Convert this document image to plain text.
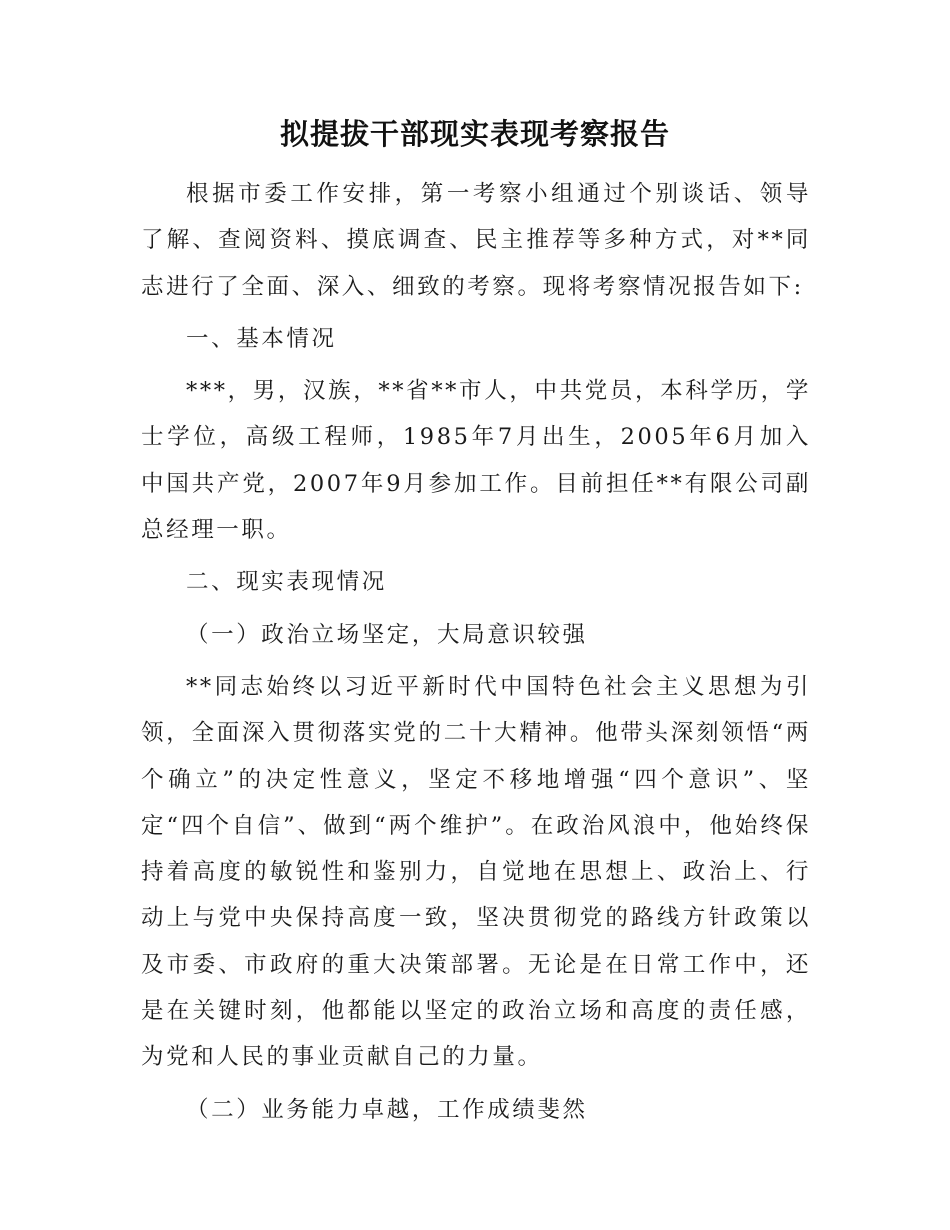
拟提拔干部现实表现考察报告

根据市委工作安排，第一考察小组通过个别谈话、领导了解、查阅资料、摸底调查、民主推荐等多种方式，对**同志进行了全面、深入、细致的考察。现将考察情况报告如下:

一、基本情况

***，男，汉族，**省**市人，中共党员，本科学历，学士学位，高级工程师，1985年7月出生，2005年6月加入中国共产党，2007年9月参加工作。目前担任**有限公司副总经理一职。

二、现实表现情况

（一）政治立场坚定，大局意识较强

**同志始终以习近平新时代中国特色社会主义思想为引领，全面深入贯彻落实党的二十大精神。他带头深刻领悟“两个确立”的决定性意义，坚定不移地增强“四个意识”、坚定“四个自信”、做到“两个维护”。在政治风浪中，他始终保持着高度的敏锐性和鉴别力，自觉地在思想上、政治上、行动上与党中央保持高度一致，坚决贯彻党的路线方针政策以及市委、市政府的重大决策部署。无论是在日常工作中，还是在关键时刻，他都能以坚定的政治立场和高度的责任感，为党和人民的事业贡献自己的力量。

（二）业务能力卓越，工作成绩斐然
